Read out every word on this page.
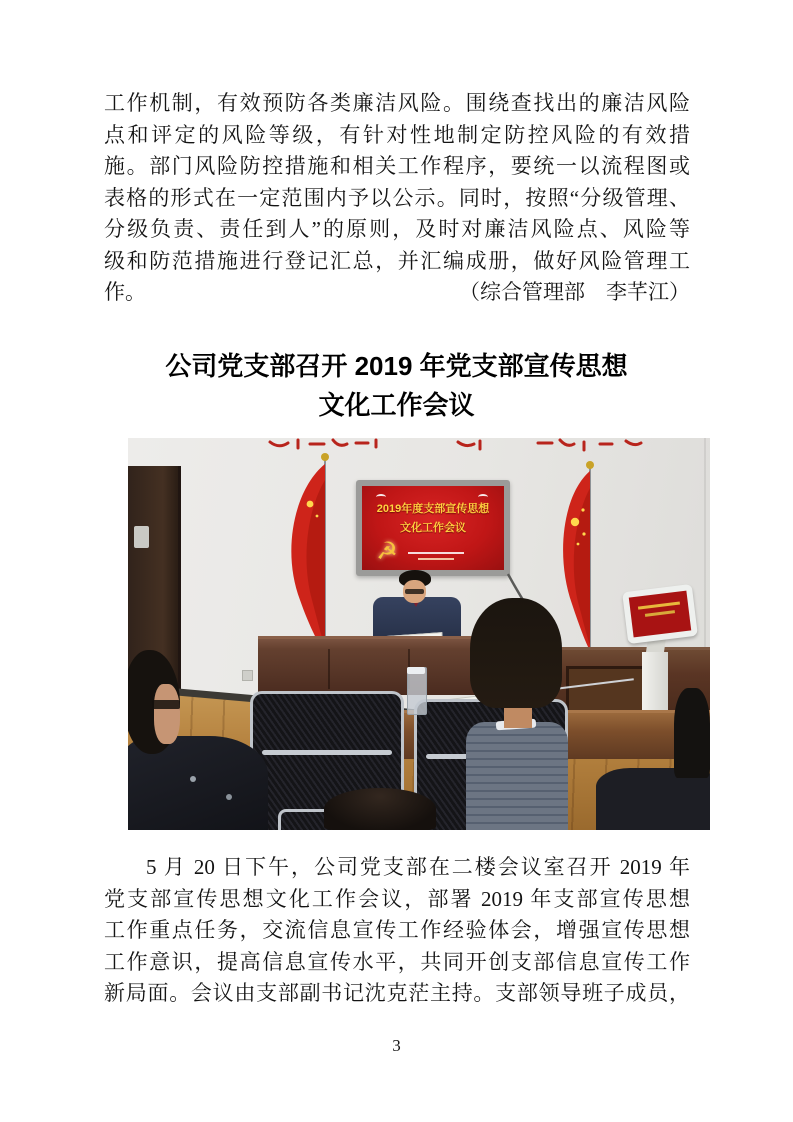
工作机制，有效预防各类廉洁风险。围绕查找出的廉洁风险
点和评定的风险等级，有针对性地制定防控风险的有效措
施。部门风险防控措施和相关工作程序，要统一以流程图或
表格的形式在一定范围内予以公示。同时，按照“分级管理、
分级负责、责任到人”的原则，及时对廉洁风险点、风险等
级和防范措施进行登记汇总，并汇编成册，做好风险管理工
作。	（综合管理部　李芊江）
公司党支部召开 2019 年党支部宣传思想
文化工作会议
2019年度支部宣传思想
文化工作会议
☭
5 月 20 日下午，公司党支部在二楼会议室召开 2019 年
党支部宣传思想文化工作会议，部署 2019 年支部宣传思想
工作重点任务，交流信息宣传工作经验体会，增强宣传思想
工作意识，提高信息宣传水平，共同开创支部信息宣传工作
新局面。会议由支部副书记沈克茫主持。支部领导班子成员，
3
